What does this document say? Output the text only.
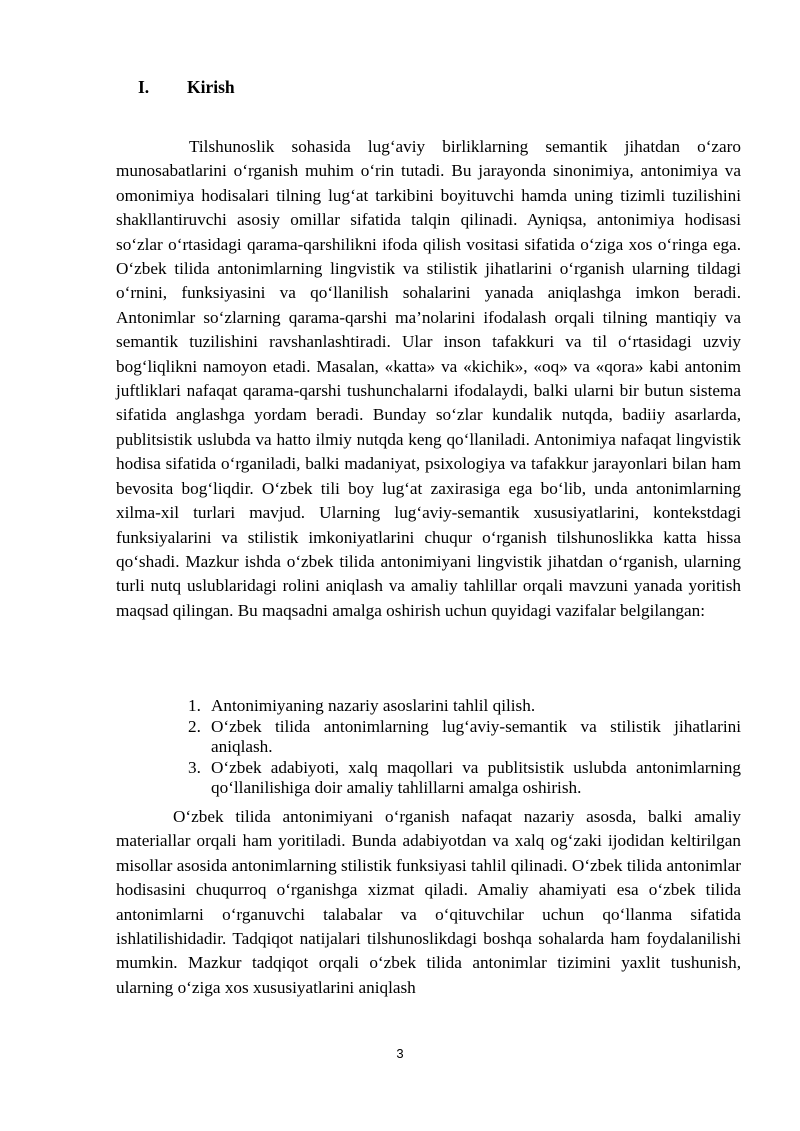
I. Kirish

Tilshunoslik sohasida lug‘aviy birliklarning semantik jihatdan o‘zaro munosabatlarini o‘rganish muhim o‘rin tutadi. Bu jarayonda sinonimiya, antonimiya va omonimiya hodisalari tilning lug‘at tarkibini boyituvchi hamda uning tizimli tuzilishini shakllantiruvchi asosiy omillar sifatida talqin qilinadi. Ayniqsa, antonimiya hodisasi so‘zlar o‘rtasidagi qarama-qarshilikni ifoda qilish vositasi sifatida o‘ziga xos o‘ringa ega. O‘zbek tilida antonimlarning lingvistik va stilistik jihatlarini o‘rganish ularning tildagi o‘rnini, funksiyasini va qo‘llanilish sohalarini yanada aniqlashga imkon beradi. Antonimlar so‘zlarning qarama-qarshi ma’nolarini ifodalash orqali tilning mantiqiy va semantik tuzilishini ravshanlashtiradi. Ular inson tafakkuri va til o‘rtasidagi uzviy bog‘liqlikni namoyon etadi. Masalan, «katta» va «kichik», «oq» va «qora» kabi antonim juftliklari nafaqat qarama-qarshi tushunchalarni ifodalaydi, balki ularni bir butun sistema sifatida anglashga yordam beradi. Bunday so‘zlar kundalik nutqda, badiiy asarlarda, publitsistik uslubda va hatto ilmiy nutqda keng qo‘llaniladi. Antonimiya nafaqat lingvistik hodisa sifatida o‘rganiladi, balki madaniyat, psixologiya va tafakkur jarayonlari bilan ham bevosita bog‘liqdir. O‘zbek tili boy lug‘at zaxirasiga ega bo‘lib, unda antonimlarning xilma-xil turlari mavjud. Ularning lug‘aviy-semantik xususiyatlarini, kontekstdagi funksiyalarini va stilistik imkoniyatlarini chuqur o‘rganish tilshunoslikka katta hissa qo‘shadi. Mazkur ishda o‘zbek tilida antonimiyani lingvistik jihatdan o‘rganish, ularning turli nutq uslublaridagi rolini aniqlash va amaliy tahlillar orqali mavzuni yanada yoritish maqsad qilingan. Bu maqsadni amalga oshirish uchun quyidagi vazifalar belgilangan:

1. Antonimiyaning nazariy asoslarini tahlil qilish.
2. O‘zbek tilida antonimlarning lug‘aviy-semantik va stilistik jihatlarini aniqlash.
3. O‘zbek adabiyoti, xalq maqollari va publitsistik uslubda antonimlarning qo‘llanilishiga doir amaliy tahlillarni amalga oshirish.

O‘zbek tilida antonimiyani o‘rganish nafaqat nazariy asosda, balki amaliy materiallar orqali ham yoritiladi. Bunda adabiyotdan va xalq og‘zaki ijodidan keltirilgan misollar asosida antonimlarning stilistik funksiyasi tahlil qilinadi. O‘zbek tilida antonimlar hodisasini chuqurroq o‘rganishga xizmat qiladi. Amaliy ahamiyati esa o‘zbek tilida antonimlarni o‘rganuvchi talabalar va o‘qituvchilar uchun qo‘llanma sifatida ishlatilishidadir. Tadqiqot natijalari tilshunoslikdagi boshqa sohalarda ham foydalanilishi mumkin. Mazkur tadqiqot orqali o‘zbek tilida antonimlar tizimini yaxlit tushunish, ularning o‘ziga xos xususiyatlarini aniqlash

3
